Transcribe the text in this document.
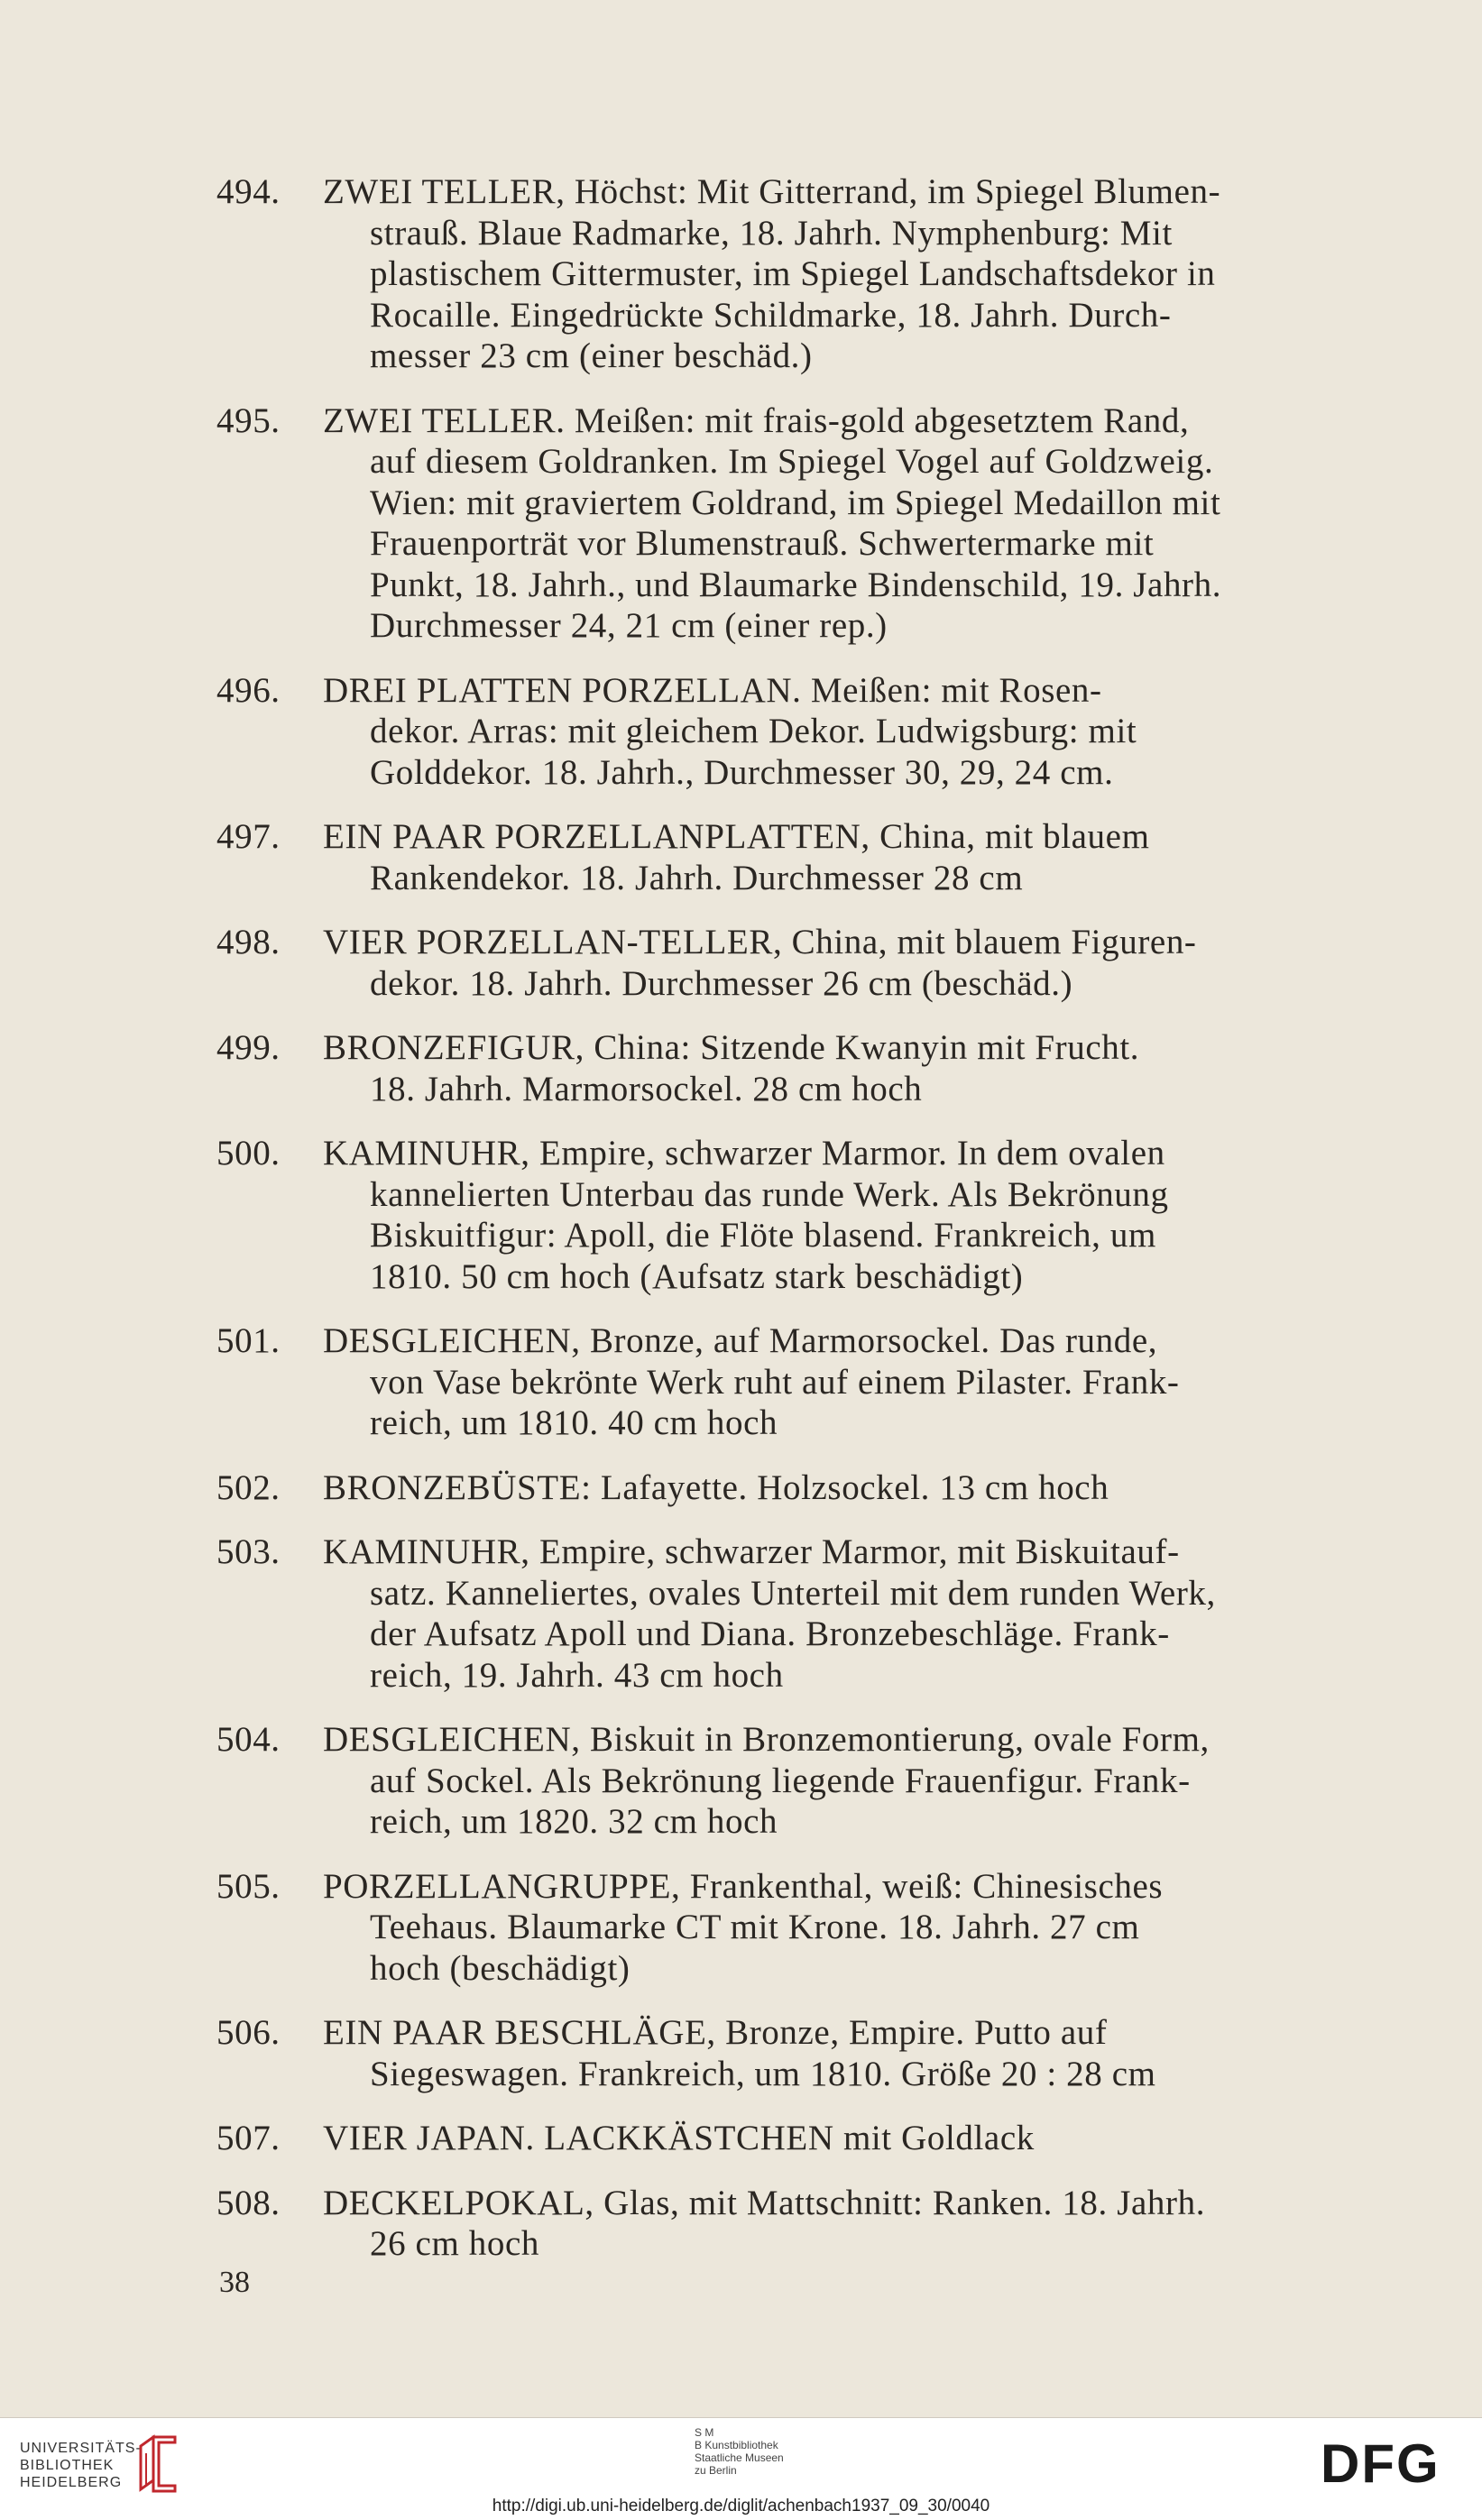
494.	ZWEI TELLER, Höchst: Mit Gitterrand, im Spiegel Blumen-
strauß. Blaue Radmarke, 18. Jahrh. Nymphenburg: Mit
plastischem Gittermuster, im Spiegel Landschaftsdekor in
Rocaille. Eingedrückte Schildmarke, 18. Jahrh. Durch-
messer 23 cm (einer beschäd.)
495.	ZWEI TELLER. Meißen: mit frais-gold abgesetztem Rand,
auf diesem Goldranken. Im Spiegel Vogel auf Goldzweig.
Wien: mit graviertem Goldrand, im Spiegel Medaillon mit
Frauenporträt vor Blumenstrauß. Schwertermarke mit
Punkt, 18. Jahrh., und Blaumarke Bindenschild, 19. Jahrh.
Durchmesser 24, 21 cm (einer rep.)
496.	DREI PLATTEN PORZELLAN. Meißen: mit Rosen-
dekor. Arras: mit gleichem Dekor. Ludwigsburg: mit
Golddekor. 18. Jahrh., Durchmesser 30, 29, 24 cm.
497.	EIN PAAR PORZELLANPLATTEN, China, mit blauem
Rankendekor. 18. Jahrh. Durchmesser 28 cm
498.	VIER PORZELLAN-TELLER, China, mit blauem Figuren-
dekor. 18. Jahrh. Durchmesser 26 cm (beschäd.)
499.	BRONZEFIGUR, China: Sitzende Kwanyin mit Frucht.
18. Jahrh. Marmorsockel. 28 cm hoch
500.	KAMINUHR, Empire, schwarzer Marmor. In dem ovalen
kannelierten Unterbau das runde Werk. Als Bekrönung
Biskuitfigur: Apoll, die Flöte blasend. Frankreich, um
1810. 50 cm hoch (Aufsatz stark beschädigt)
501.	DESGLEICHEN, Bronze, auf Marmorsockel. Das runde,
von Vase bekrönte Werk ruht auf einem Pilaster. Frank-
reich, um 1810. 40 cm hoch
502.	BRONZEBÜSTE: Lafayette. Holzsockel. 13 cm hoch
503.	KAMINUHR, Empire, schwarzer Marmor, mit Biskuitauf-
satz. Kanneliertes, ovales Unterteil mit dem runden Werk,
der Aufsatz Apoll und Diana. Bronzebeschläge. Frank-
reich, 19. Jahrh. 43 cm hoch
504.	DESGLEICHEN, Biskuit in Bronzemontierung, ovale Form,
auf Sockel. Als Bekrönung liegende Frauenfigur. Frank-
reich, um 1820. 32 cm hoch
505.	PORZELLANGRUPPE, Frankenthal, weiß: Chinesisches
Teehaus. Blaumarke CT mit Krone. 18. Jahrh. 27 cm
hoch (beschädigt)
506.	EIN PAAR BESCHLÄGE, Bronze, Empire. Putto auf
Siegeswagen. Frankreich, um 1810. Größe 20 : 28 cm
507.	VIER JAPAN. LACKKÄSTCHEN mit Goldlack
508.	DECKELPOKAL, Glas, mit Mattschnitt: Ranken. 18. Jahrh.
26 cm hoch
38
UNIVERSITÄTS-
BIBLIOTHEK
HEIDELBERG
S M
B Kunstbibliothek
Staatliche Museen
zu Berlin	DFG
http://digi.ub.uni-heidelberg.de/diglit/achenbach1937_09_30/0040
